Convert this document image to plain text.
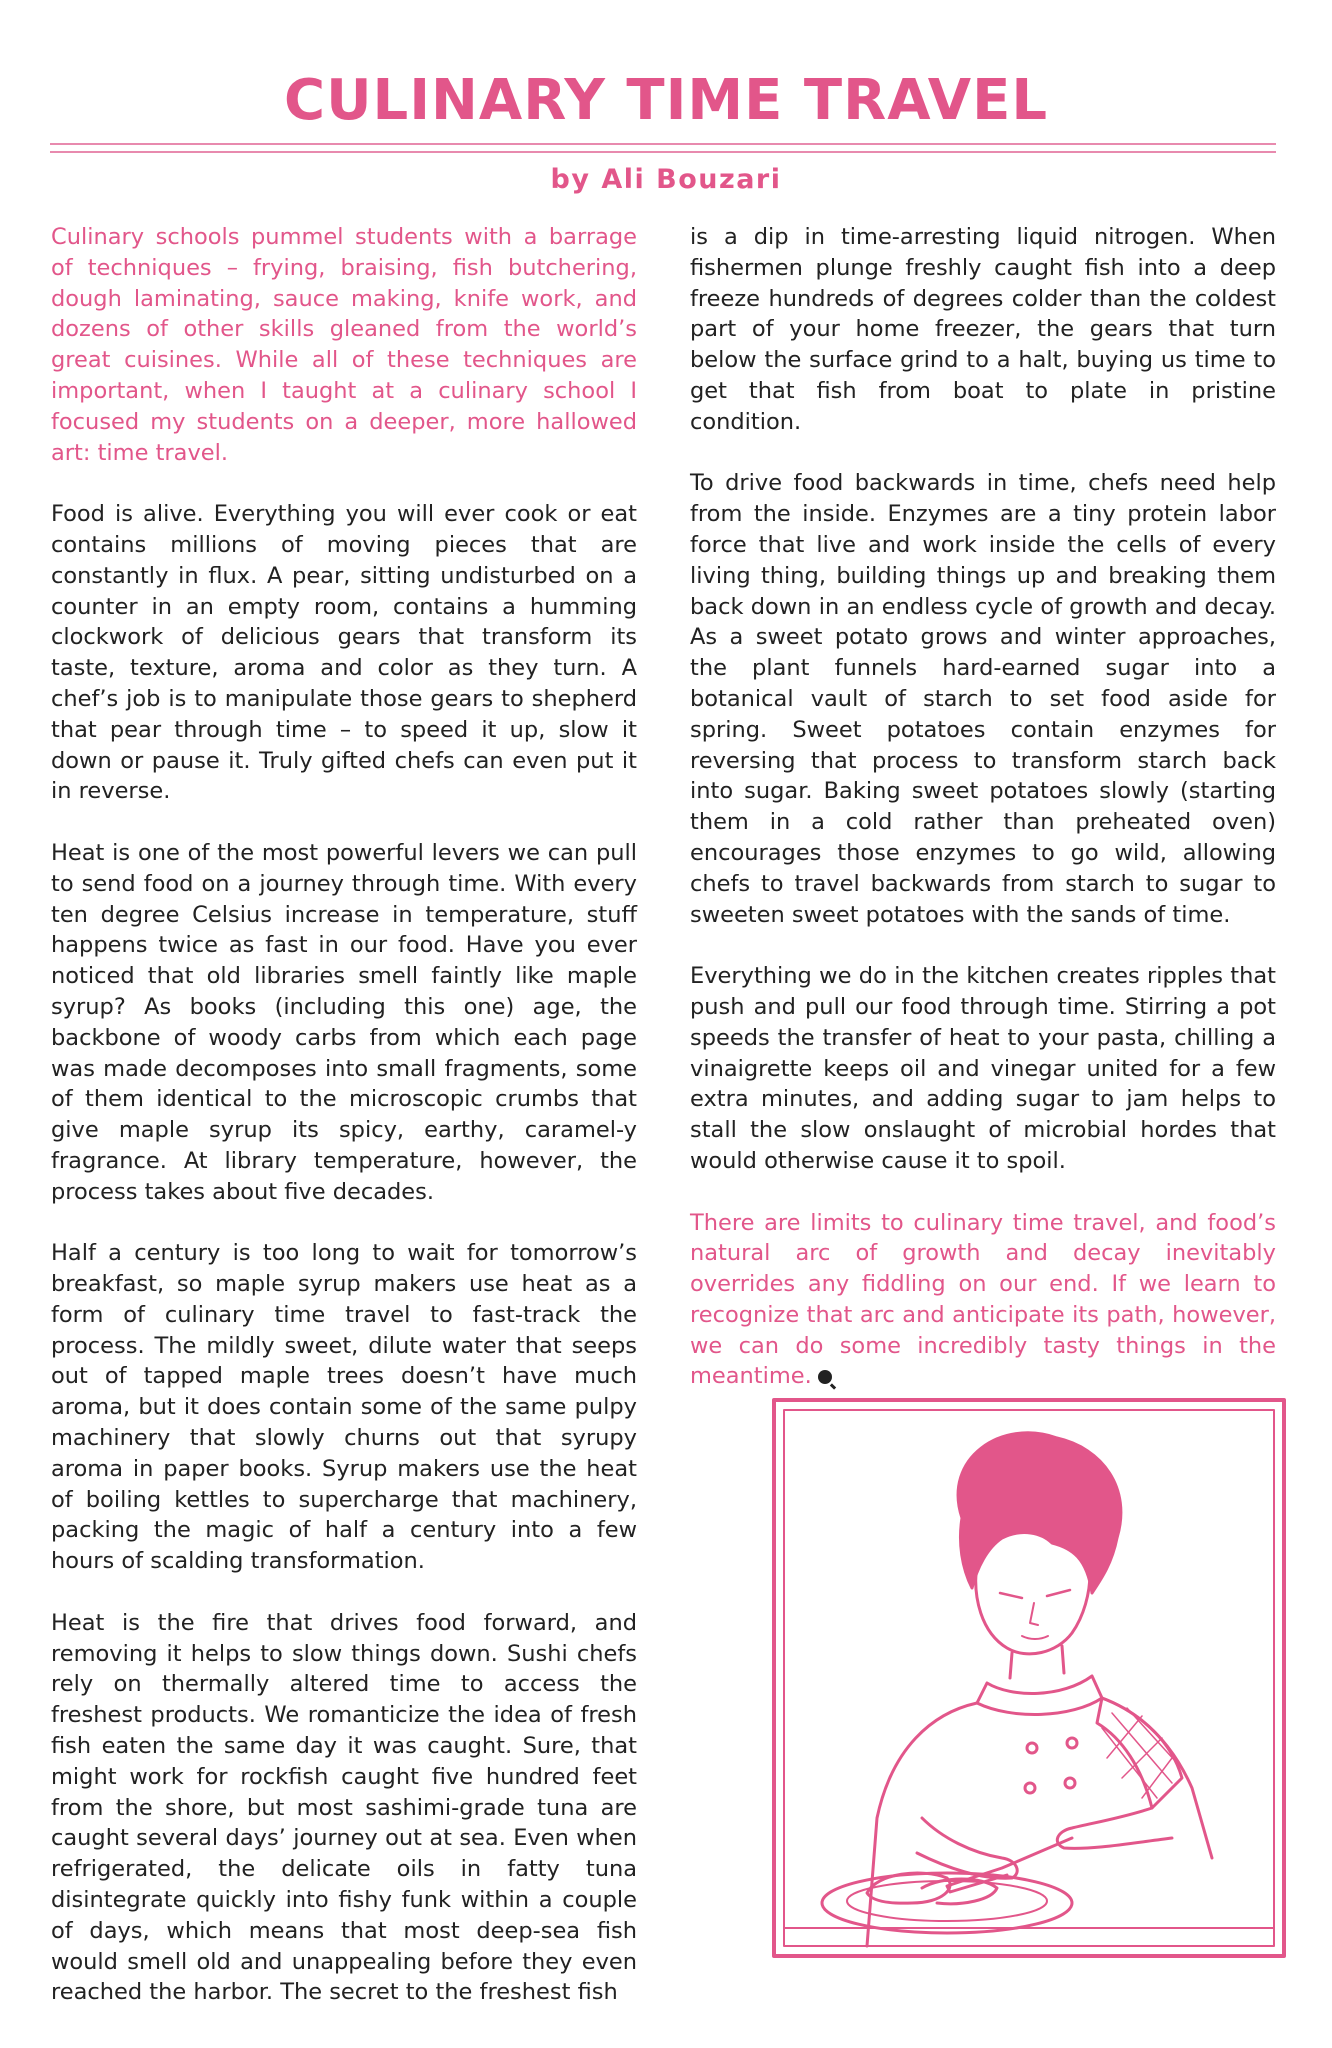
CULINARY TIME TRAVEL
by Ali Bouzari

Culinary schools pummel students with a barrage of techniques – frying, braising, fish butchering, dough laminating, sauce making, knife work, and dozens of other skills gleaned from the world’s great cuisines. While all of these techniques are important, when I taught at a culinary school I focused my students on a deeper, more hallowed art: time travel.

Food is alive. Everything you will ever cook or eat contains millions of moving pieces that are constantly in flux. A pear, sitting undisturbed on a counter in an empty room, contains a humming clockwork of delicious gears that transform its taste, texture, aroma and color as they turn. A chef’s job is to manipulate those gears to shepherd that pear through time – to speed it up, slow it down or pause it. Truly gifted chefs can even put it in reverse.

Heat is one of the most powerful levers we can pull to send food on a journey through time. With every ten degree Celsius increase in temperature, stuff happens twice as fast in our food. Have you ever noticed that old libraries smell faintly like maple syrup? As books (including this one) age, the backbone of woody carbs from which each page was made decomposes into small fragments, some of them identical to the microscopic crumbs that give maple syrup its spicy, earthy, caramel-y fragrance. At library temperature, however, the process takes about five decades.

Half a century is too long to wait for tomorrow’s breakfast, so maple syrup makers use heat as a form of culinary time travel to fast-track the process. The mildly sweet, dilute water that seeps out of tapped maple trees doesn’t have much aroma, but it does contain some of the same pulpy machinery that slowly churns out that syrupy aroma in paper books. Syrup makers use the heat of boiling kettles to supercharge that machinery, packing the magic of half a century into a few hours of scalding transformation.

Heat is the fire that drives food forward, and removing it helps to slow things down. Sushi chefs rely on thermally altered time to access the freshest products. We romanticize the idea of fresh fish eaten the same day it was caught. Sure, that might work for rockfish caught five hundred feet from the shore, but most sashimi-grade tuna are caught several days’ journey out at sea. Even when refrigerated, the delicate oils in fatty tuna disintegrate quickly into fishy funk within a couple of days, which means that most deep-sea fish would smell old and unappealing before they even reached the harbor. The secret to the freshest fish

is a dip in time-arresting liquid nitrogen. When fishermen plunge freshly caught fish into a deep freeze hundreds of degrees colder than the coldest part of your home freezer, the gears that turn below the surface grind to a halt, buying us time to get that fish from boat to plate in pristine condition.

To drive food backwards in time, chefs need help from the inside. Enzymes are a tiny protein labor force that live and work inside the cells of every living thing, building things up and breaking them back down in an endless cycle of growth and decay. As a sweet potato grows and winter approaches, the plant funnels hard-earned sugar into a botanical vault of starch to set food aside for spring. Sweet potatoes contain enzymes for reversing that process to transform starch back into sugar. Baking sweet potatoes slowly (starting them in a cold rather than preheated oven) encourages those enzymes to go wild, allowing chefs to travel backwards from starch to sugar to sweeten sweet potatoes with the sands of time.

Everything we do in the kitchen creates ripples that push and pull our food through time. Stirring a pot speeds the transfer of heat to your pasta, chilling a vinaigrette keeps oil and vinegar united for a few extra minutes, and adding sugar to jam helps to stall the slow onslaught of microbial hordes that would otherwise cause it to spoil.

There are limits to culinary time travel, and food’s natural arc of growth and decay inevitably overrides any fiddling on our end. If we learn to recognize that arc and anticipate its path, however, we can do some incredibly tasty things in the meantime.
